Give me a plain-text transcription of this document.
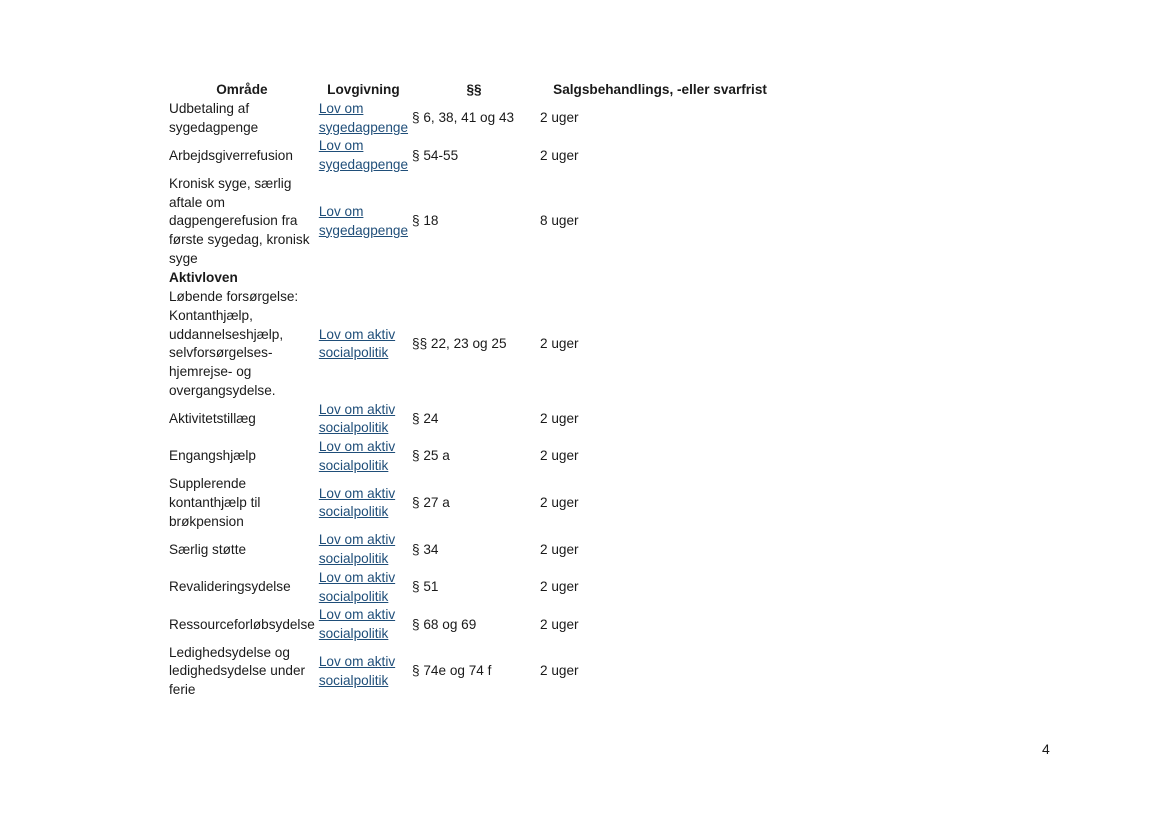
Område	Lovgivning	§§	Salgsbehandlings, -eller svarfrist
Udbetaling af sygedagpenge	Lov om sygedagpenge	§ 6, 38, 41 og 43	2 uger
Arbejdsgiverrefusion	Lov om sygedagpenge	§ 54-55	2 uger
Kronisk syge, særlig aftale om dagpengerefusion fra første sygedag, kronisk syge	Lov om sygedagpenge	§ 18	8 uger
Aktivloven			
Løbende forsørgelse: Kontanthjælp, uddannelseshjælp, selvforsørgelses- hjemrejse- og overgangsydelse.	Lov om aktiv socialpolitik	§§ 22, 23 og 25	2 uger
Aktivitetstillæg	Lov om aktiv socialpolitik	§ 24	2 uger
Engangshjælp	Lov om aktiv socialpolitik	§ 25 a	2 uger
Supplerende kontanthjælp til brøkpension	Lov om aktiv socialpolitik	§ 27 a	2 uger
Særlig støtte	Lov om aktiv socialpolitik	§ 34	2 uger
Revalideringsydelse	Lov om aktiv socialpolitik	§ 51	2 uger
Ressourceforløbsydelse	Lov om aktiv socialpolitik	§ 68 og 69	2 uger
Ledighedsydelse og ledighedsydelse under ferie	Lov om aktiv socialpolitik	§ 74e og 74 f	2 uger
4
